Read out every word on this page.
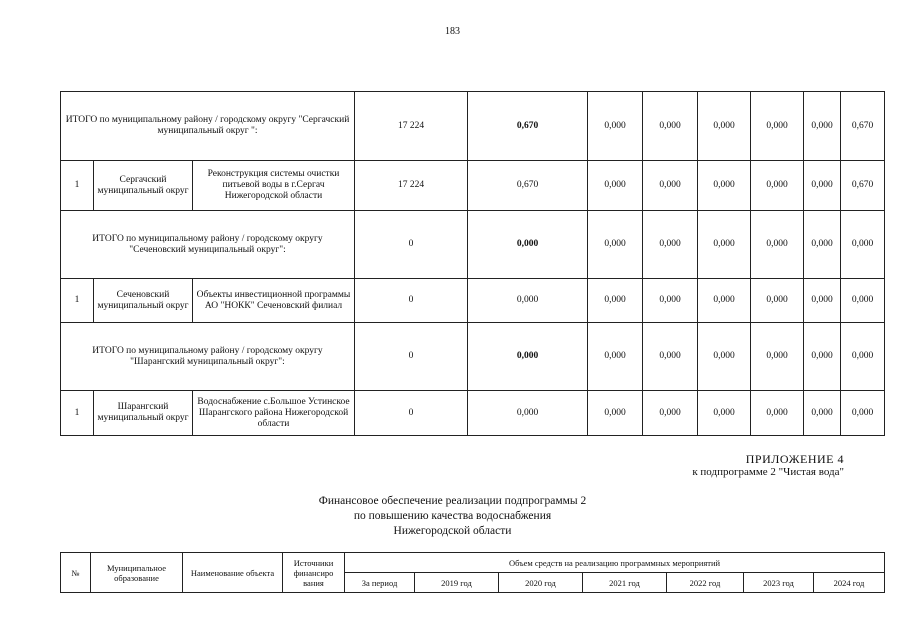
183
ИТОГО по муниципальному району / городскому округу "Сергачский муниципальный округ ":			17 224	0,670	0,000	0,000	0,000	0,000	0,000	0,670
1	Сергачский муниципальный округ	Реконструкция системы очистки питьевой воды в г.Сергач Нижегородской области	17 224	0,670	0,000	0,000	0,000	0,000	0,000	0,670
ИТОГО по муниципальному району / городскому округу "Сеченовский муниципальный округ":			0	0,000	0,000	0,000	0,000	0,000	0,000	0,000
1	Сеченовский муниципальный округ	Объекты инвестиционной программы АО "НОКК" Сеченовский филиал	0	0,000	0,000	0,000	0,000	0,000	0,000	0,000
ИТОГО по муниципальному району / городскому округу "Шарангский муниципальный округ":			0	0,000	0,000	0,000	0,000	0,000	0,000	0,000
1	Шарангский муниципальный округ	Водоснабжение с.Большое Устинское Шарангского района Нижегородской области	0	0,000	0,000	0,000	0,000	0,000	0,000	0,000
ПРИЛОЖЕНИЕ 4
к подпрограмме 2 "Чистая вода"
Финансовое обеспечение реализации подпрограммы 2
по повышению качества водоснабжения
Нижегородской области
№	Муниципальное образование	Наименование объекта	Источники финансиро вания	Объем средств на реализацию программных мероприятий						
				За период	2019 год	2020 год	2021 год	2022 год	2023 год	2024 год
